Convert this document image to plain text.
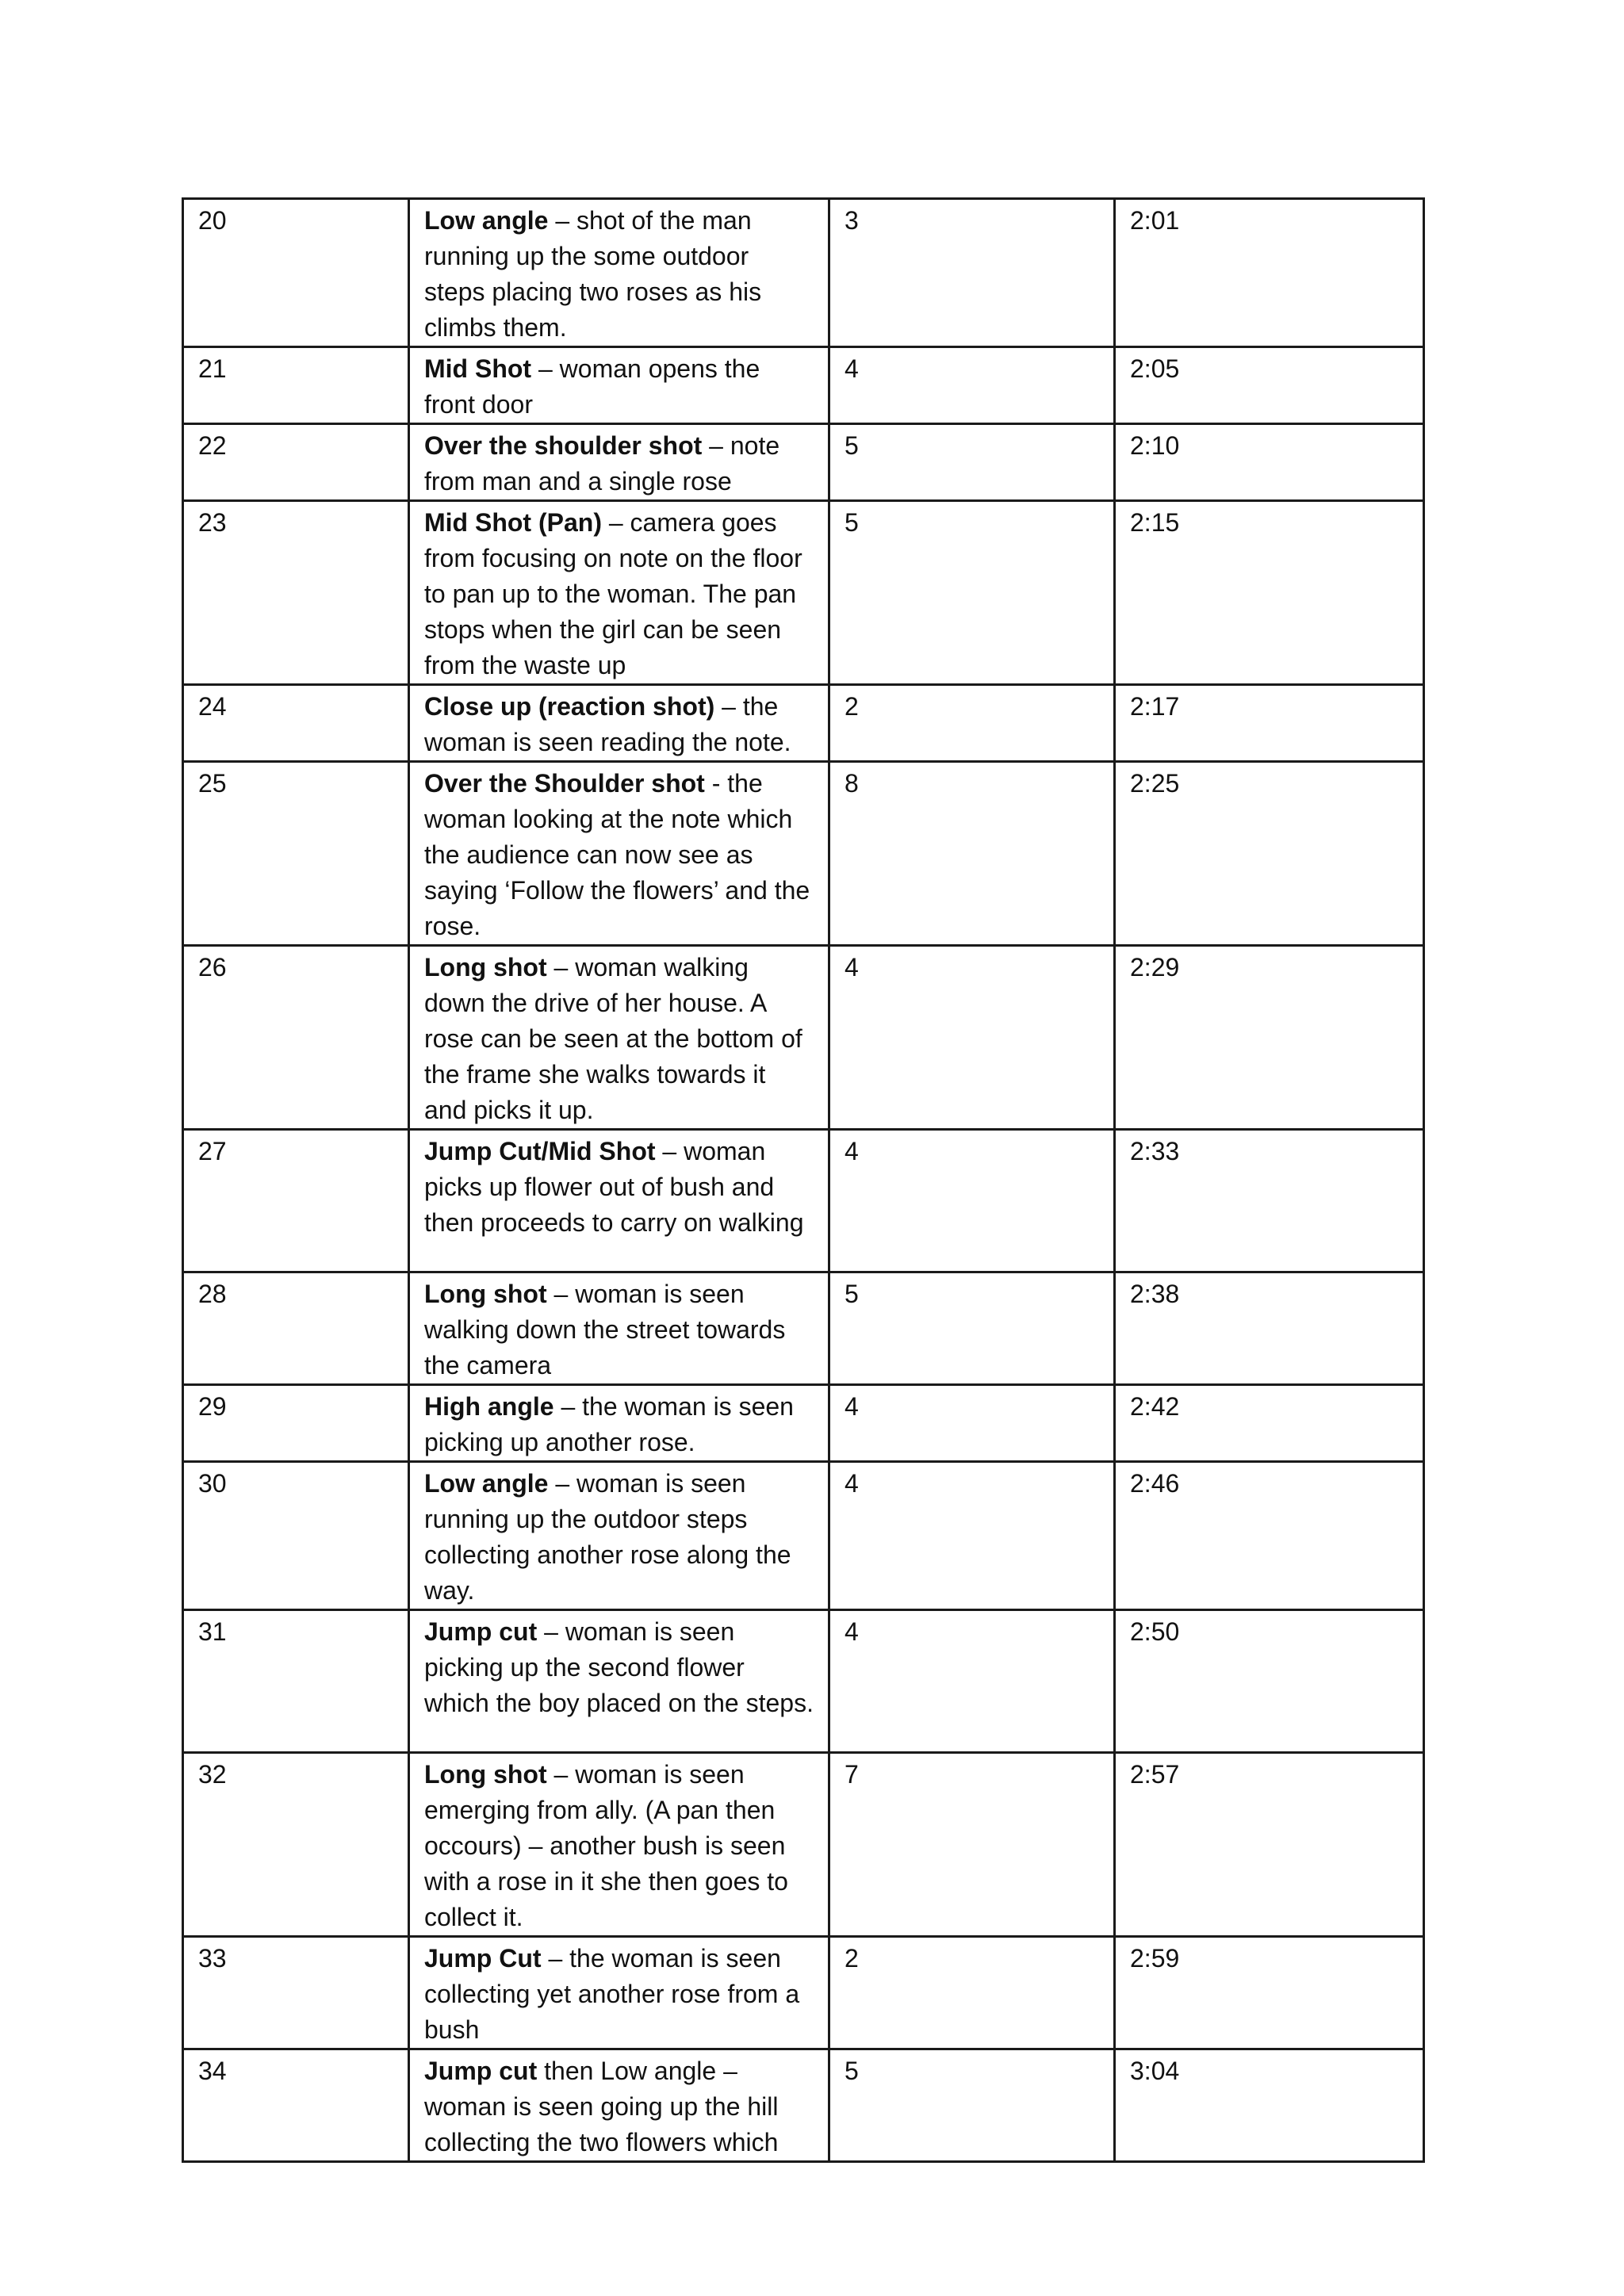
20	Low angle – shot of the man running up the some outdoor steps placing two roses as his climbs them.	3	2:01
21	Mid Shot – woman opens the front door	4	2:05
22	Over the shoulder shot – note from man and a single rose	5	2:10
23	Mid Shot (Pan) – camera goes from focusing on note on the floor to pan up to the woman. The pan stops when the girl can be seen from the waste up	5	2:15
24	Close up (reaction shot) – the woman is seen reading the note.	2	2:17
25	Over the Shoulder shot - the woman looking at the note which the audience can now see as saying ‘Follow the flowers’ and the rose.	8	2:25
26	Long shot – woman walking down the drive of her house. A rose can be seen at the bottom of the frame she walks towards it and picks it up.	4	2:29
27	Jump Cut/Mid Shot – woman picks up flower out of bush and then proceeds to carry on walking	4	2:33
28	Long shot – woman is seen walking down the street towards the camera	5	2:38
29	High angle – the woman is seen picking up another rose.	4	2:42
30	Low angle – woman is seen running up the outdoor steps collecting another rose along the way.	4	2:46
31	Jump cut – woman is seen picking up the second flower which the boy placed on the steps.	4	2:50
32	Long shot – woman is seen emerging from ally. (A pan then occours) – another bush is seen with a rose in it she then goes to collect it.	7	2:57
33	Jump Cut – the woman is seen collecting yet another rose from a bush	2	2:59
34	Jump cut then Low angle – woman is seen going up the hill collecting the two flowers which	5	3:04
